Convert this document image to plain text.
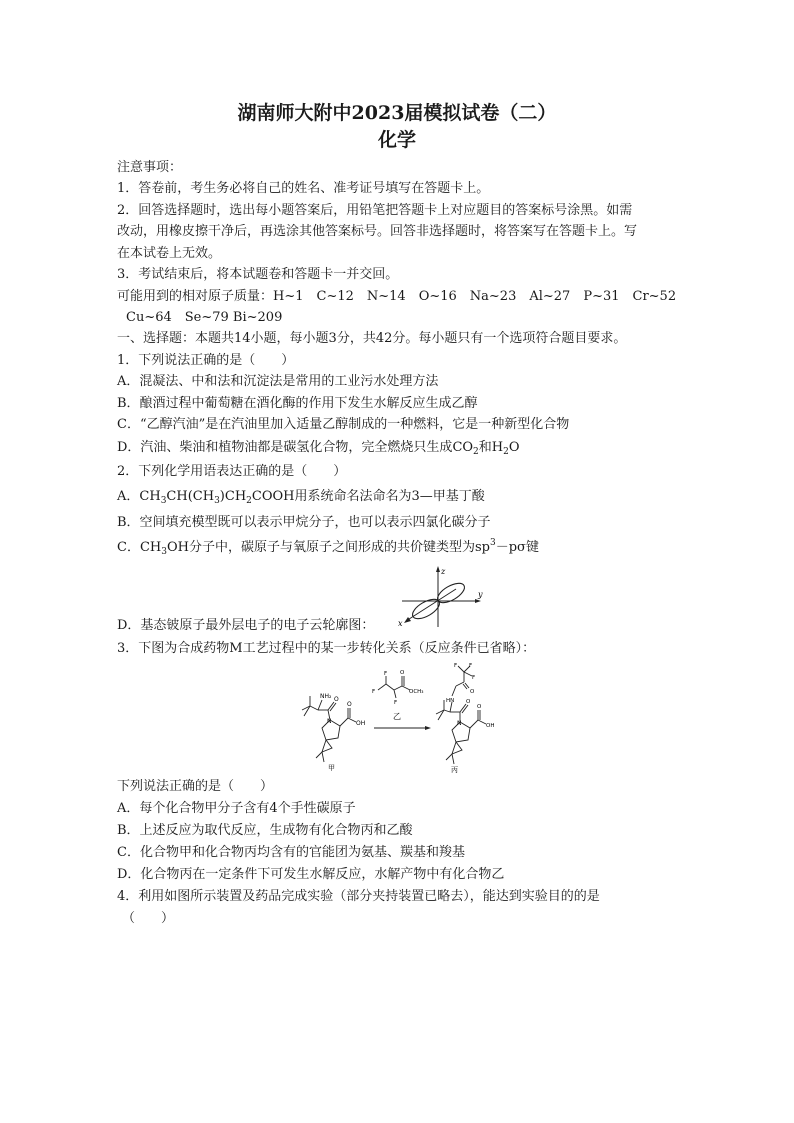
湖南师大附中2023届模拟试卷（二）
化学
注意事项：
1．答卷前，考生务必将自己的姓名、准考证号填写在答题卡上。
2．回答选择题时，选出每小题答案后，用铅笔把答题卡上对应题目的答案标号涂黑。如需
改动，用橡皮擦干净后，再选涂其他答案标号。回答非选择题时，将答案写在答题卡上。写
在本试卷上无效。
3．考试结束后，将本试题卷和答题卡一并交回。
可能用到的相对原子质量：H~1　C~12　N~14　O~16　Na~23　Al~27　P~31　Cr~52
Cu~64　Se~79 Bi~209
一、选择题：本题共14小题，每小题3分，共42分。每小题只有一个选项符合题目要求。
1．下列说法正确的是（　　）
A．混凝法、中和法和沉淀法是常用的工业污水处理方法
B．酿酒过程中葡萄糖在酒化酶的作用下发生水解反应生成乙醇
C．“乙醇汽油”是在汽油里加入适量乙醇制成的一种燃料，它是一种新型化合物
D．汽油、柴油和植物油都是碳氢化合物，完全燃烧只生成$CO_2$和$H_2O$
2．下列化学用语表达正确的是（　　）
A．$CH_3CH(CH_3)CH_2COOH$用系统命名法命名为3—甲基丁酸
B．空间填充模型既可以表示甲烷分子，也可以表示四氯化碳分子
C．$CH_3OH$分子中，碳原子与氧原子之间形成的共价键类型为$sp^3-p\sigma$键
z
y
x
D．基态铍原子最外层电子的电子云轮廓图：
3．下图为合成药物M工艺过程中的某一步转化关系（反应条件已省略）：
NH₂ O
N
O
OH
甲
F
F
F
O
OCH₃
乙
F F
F
O
HN O
N
O
OH
丙
下列说法正确的是（　　）
A．每个化合物甲分子含有4个手性碳原子
B．上述反应为取代反应，生成物有化合物丙和乙酸
C．化合物甲和化合物丙均含有的官能团为氨基、羰基和羧基
D．化合物丙在一定条件下可发生水解反应，水解产物中有化合物乙
4．利用如图所示装置及药品完成实验（部分夹持装置已略去），能达到实验目的的是
（　　）
